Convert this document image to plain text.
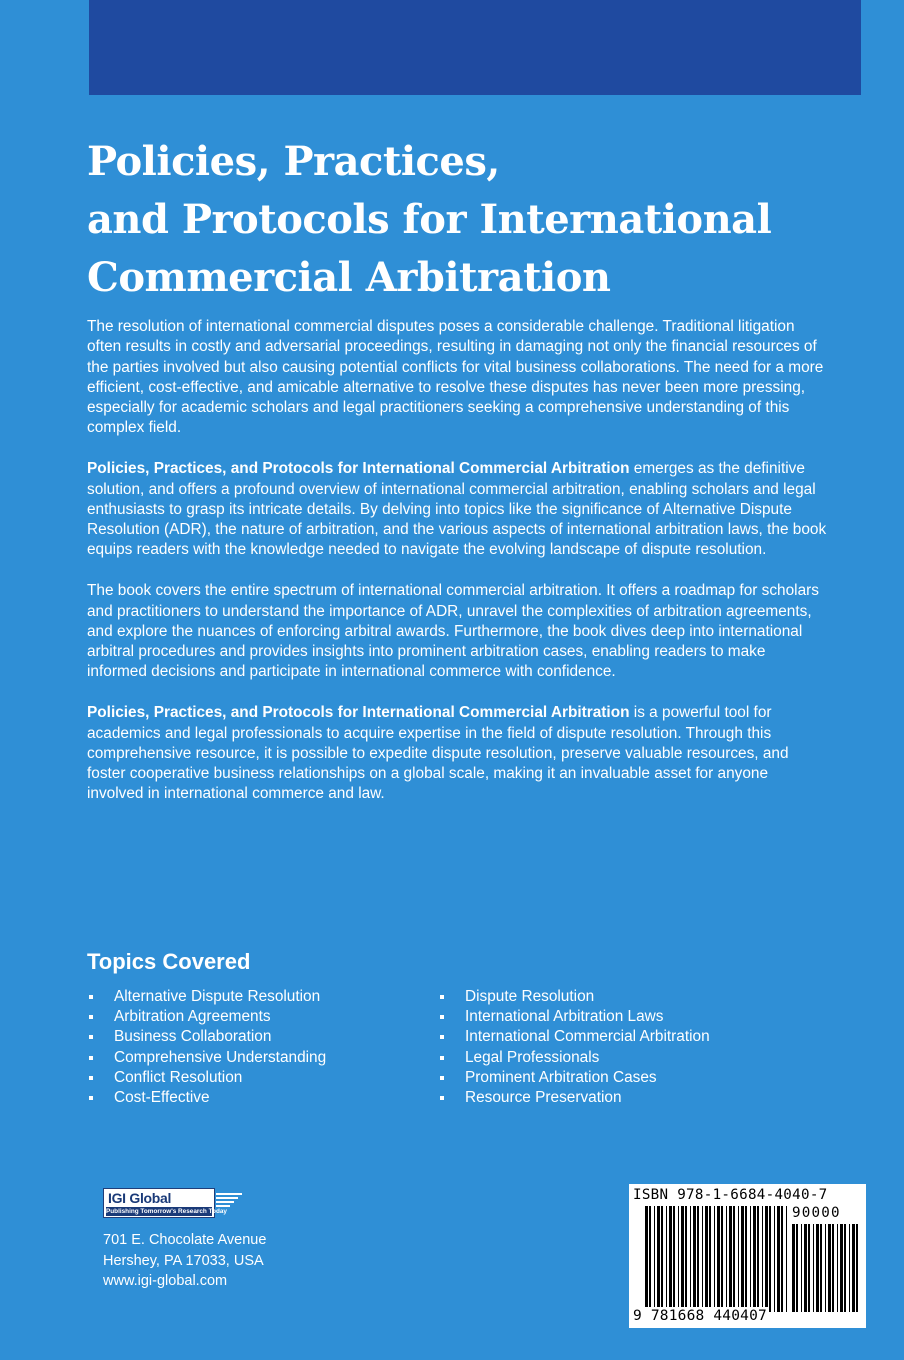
Policies, Practices,
and Protocols for International
Commercial Arbitration

The resolution of international commercial disputes poses a considerable challenge. Traditional litigation often results in costly and adversarial proceedings, resulting in damaging not only the financial resources of the parties involved but also causing potential conflicts for vital business collaborations. The need for a more efficient, cost-effective, and amicable alternative to resolve these disputes has never been more pressing, especially for academic scholars and legal practitioners seeking a comprehensive understanding of this complex field.

Policies, Practices, and Protocols for International Commercial Arbitration emerges as the definitive solution, and offers a profound overview of international commercial arbitration, enabling scholars and legal enthusiasts to grasp its intricate details. By delving into topics like the significance of Alternative Dispute Resolution (ADR), the nature of arbitration, and the various aspects of international arbitration laws, the book equips readers with the knowledge needed to navigate the evolving landscape of dispute resolution.

The book covers the entire spectrum of international commercial arbitration. It offers a roadmap for scholars and practitioners to understand the importance of ADR, unravel the complexities of arbitration agreements, and explore the nuances of enforcing arbitral awards. Furthermore, the book dives deep into international arbitral procedures and provides insights into prominent arbitration cases, enabling readers to make informed decisions and participate in international commerce with confidence.

Policies, Practices, and Protocols for International Commercial Arbitration is a powerful tool for academics and legal professionals to acquire expertise in the field of dispute resolution. Through this comprehensive resource, it is possible to expedite dispute resolution, preserve valuable resources, and foster cooperative business relationships on a global scale, making it an invaluable asset for anyone involved in international commerce and law.

Topics Covered
Alternative Dispute Resolution
Arbitration Agreements
Business Collaboration
Comprehensive Understanding
Conflict Resolution
Cost-Effective
Dispute Resolution
International Arbitration Laws
International Commercial Arbitration
Legal Professionals
Prominent Arbitration Cases
Resource Preservation
IGI Global
Publishing Tomorrow's Research Today
701 E. Chocolate Avenue
Hershey, PA 17033, USA
www.igi-global.com
ISBN 978-1-6684-4040-7
90000
9 781668 440407
